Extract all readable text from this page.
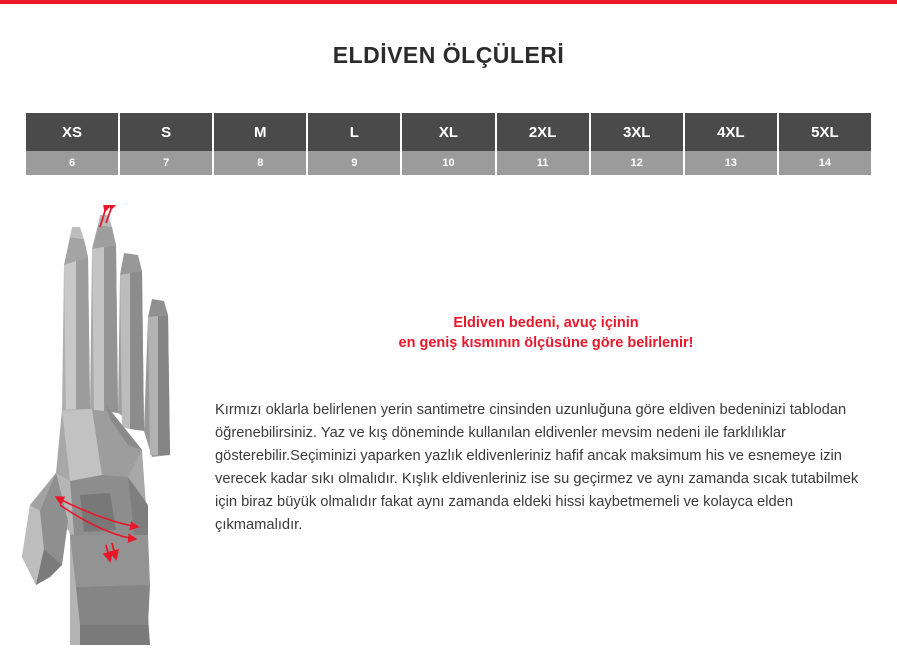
ELDİVEN ÖLÇÜLERİ
XS	S	M	L	XL	2XL	3XL	4XL	5XL
6	7	8	9	10	11	12	13	14
Eldiven bedeni, avuç içinin
en geniş kısmının ölçüsüne göre belirlenir!
Kırmızı oklarla belirlenen yerin santimetre cinsinden uzunluğuna göre eldiven bedeninizi tablodan öğrenebilirsiniz. Yaz ve kış döneminde kullanılan eldivenler mevsim nedeni ile farklılıklar gösterebilir.Seçiminizi yaparken yazlık eldivenleriniz hafif ancak maksimum his ve esnemeye izin verecek kadar sıkı olmalıdır. Kışlık eldivenleriniz ise su geçirmez ve aynı zamanda sıcak tutabilmek için biraz büyük olmalıdır fakat aynı zamanda eldeki hissi kaybetmemeli ve kolayca elden çıkmamalıdır.
